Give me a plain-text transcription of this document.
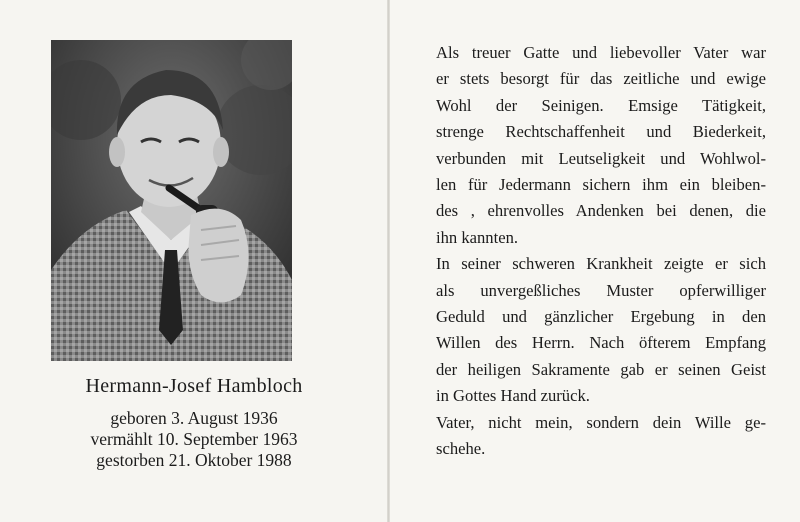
Hermann-Josef Hambloch
geboren 3. August 1936
vermählt 10. September 1963
gestorben 21. Oktober 1988
Als treuer Gatte und liebevoller Vater war
er stets besorgt für das zeitliche und ewige
Wohl der Seinigen. Emsige Tätigkeit,
strenge Rechtschaffenheit und Biederkeit,
verbunden mit Leutseligkeit und Wohlwol-
len für Jedermann sichern ihm ein bleiben-
des , ehrenvolles Andenken bei denen, die
ihn kannten.
In seiner schweren Krankheit zeigte er sich
als unvergeßliches Muster opferwilliger
Geduld und gänzlicher Ergebung in den
Willen des Herrn. Nach öfterem Empfang
der heiligen Sakramente gab er seinen Geist
in Gottes Hand zurück.
Vater, nicht mein, sondern dein Wille ge-
schehe.
